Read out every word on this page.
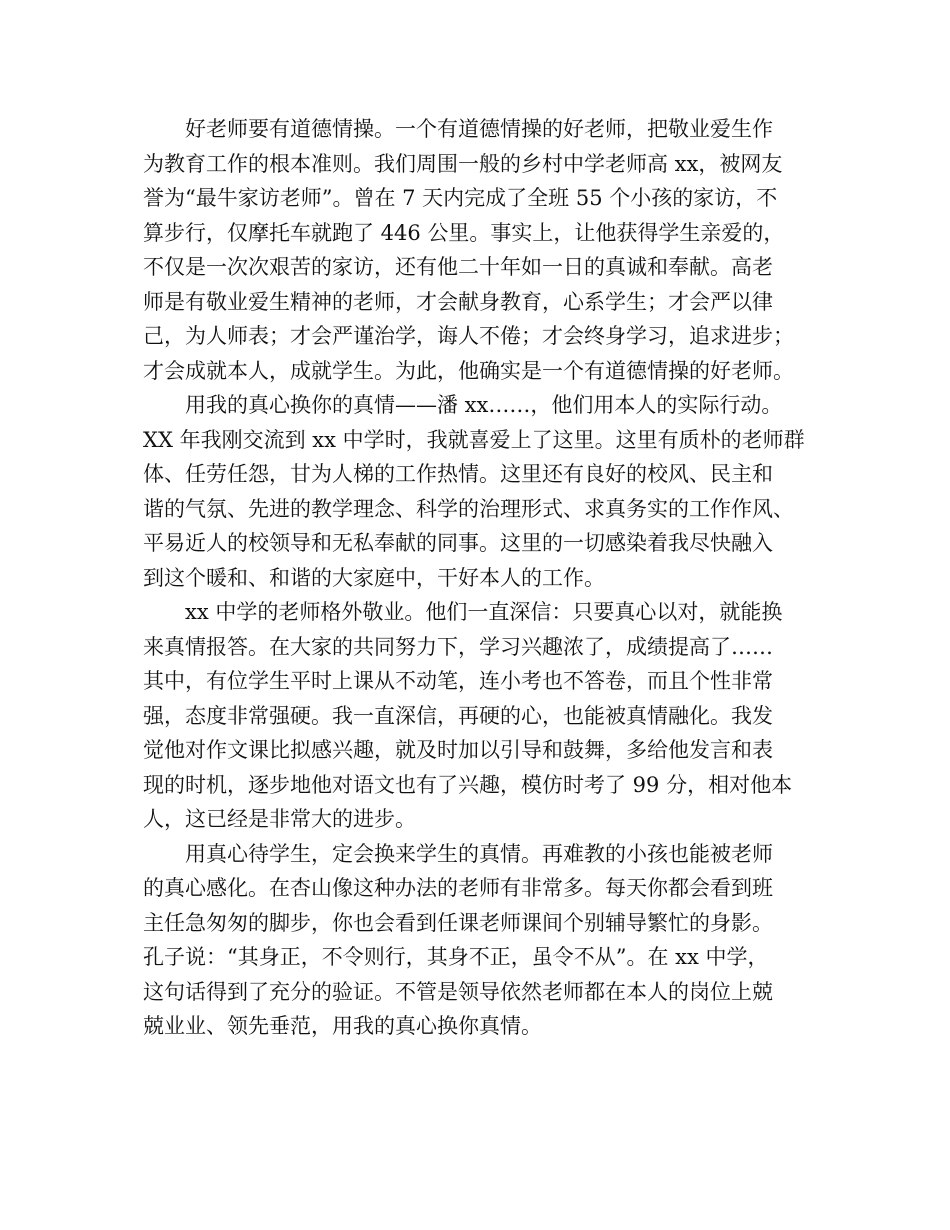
好老师要有道德情操。一个有道德情操的好老师，把敬业爱生作
为教育工作的根本准则。我们周围一般的乡村中学老师高 xx，被网友
誉为“最牛家访老师”。曾在 7 天内完成了全班 55 个小孩的家访，不
算步行，仅摩托车就跑了 446 公里。事实上，让他获得学生亲爱的，
不仅是一次次艰苦的家访，还有他二十年如一日的真诚和奉献。高老
师是有敬业爱生精神的老师，才会献身教育，心系学生；才会严以律
己，为人师表；才会严谨治学，诲人不倦；才会终身学习，追求进步；
才会成就本人，成就学生。为此，他确实是一个有道德情操的好老师。
用我的真心换你的真情——潘 xx……，他们用本人的实际行动。
XX 年我刚交流到 xx 中学时，我就喜爱上了这里。这里有质朴的老师群
体、任劳任怨，甘为人梯的工作热情。这里还有良好的校风、民主和
谐的气氛、先进的教学理念、科学的治理形式、求真务实的工作作风、
平易近人的校领导和无私奉献的同事。这里的一切感染着我尽快融入
到这个暖和、和谐的大家庭中，干好本人的工作。
xx 中学的老师格外敬业。他们一直深信：只要真心以对，就能换
来真情报答。在大家的共同努力下，学习兴趣浓了，成绩提高了……
其中，有位学生平时上课从不动笔，连小考也不答卷，而且个性非常
强，态度非常强硬。我一直深信，再硬的心，也能被真情融化。我发
觉他对作文课比拟感兴趣，就及时加以引导和鼓舞，多给他发言和表
现的时机，逐步地他对语文也有了兴趣，模仿时考了 99 分，相对他本
人，这已经是非常大的进步。
用真心待学生，定会换来学生的真情。再难教的小孩也能被老师
的真心感化。在杏山像这种办法的老师有非常多。每天你都会看到班
主任急匆匆的脚步，你也会看到任课老师课间个别辅导繁忙的身影。
孔子说：“其身正，不令则行，其身不正，虽令不从”。在 xx 中学，
这句话得到了充分的验证。不管是领导依然老师都在本人的岗位上兢
兢业业、领先垂范，用我的真心换你真情。
